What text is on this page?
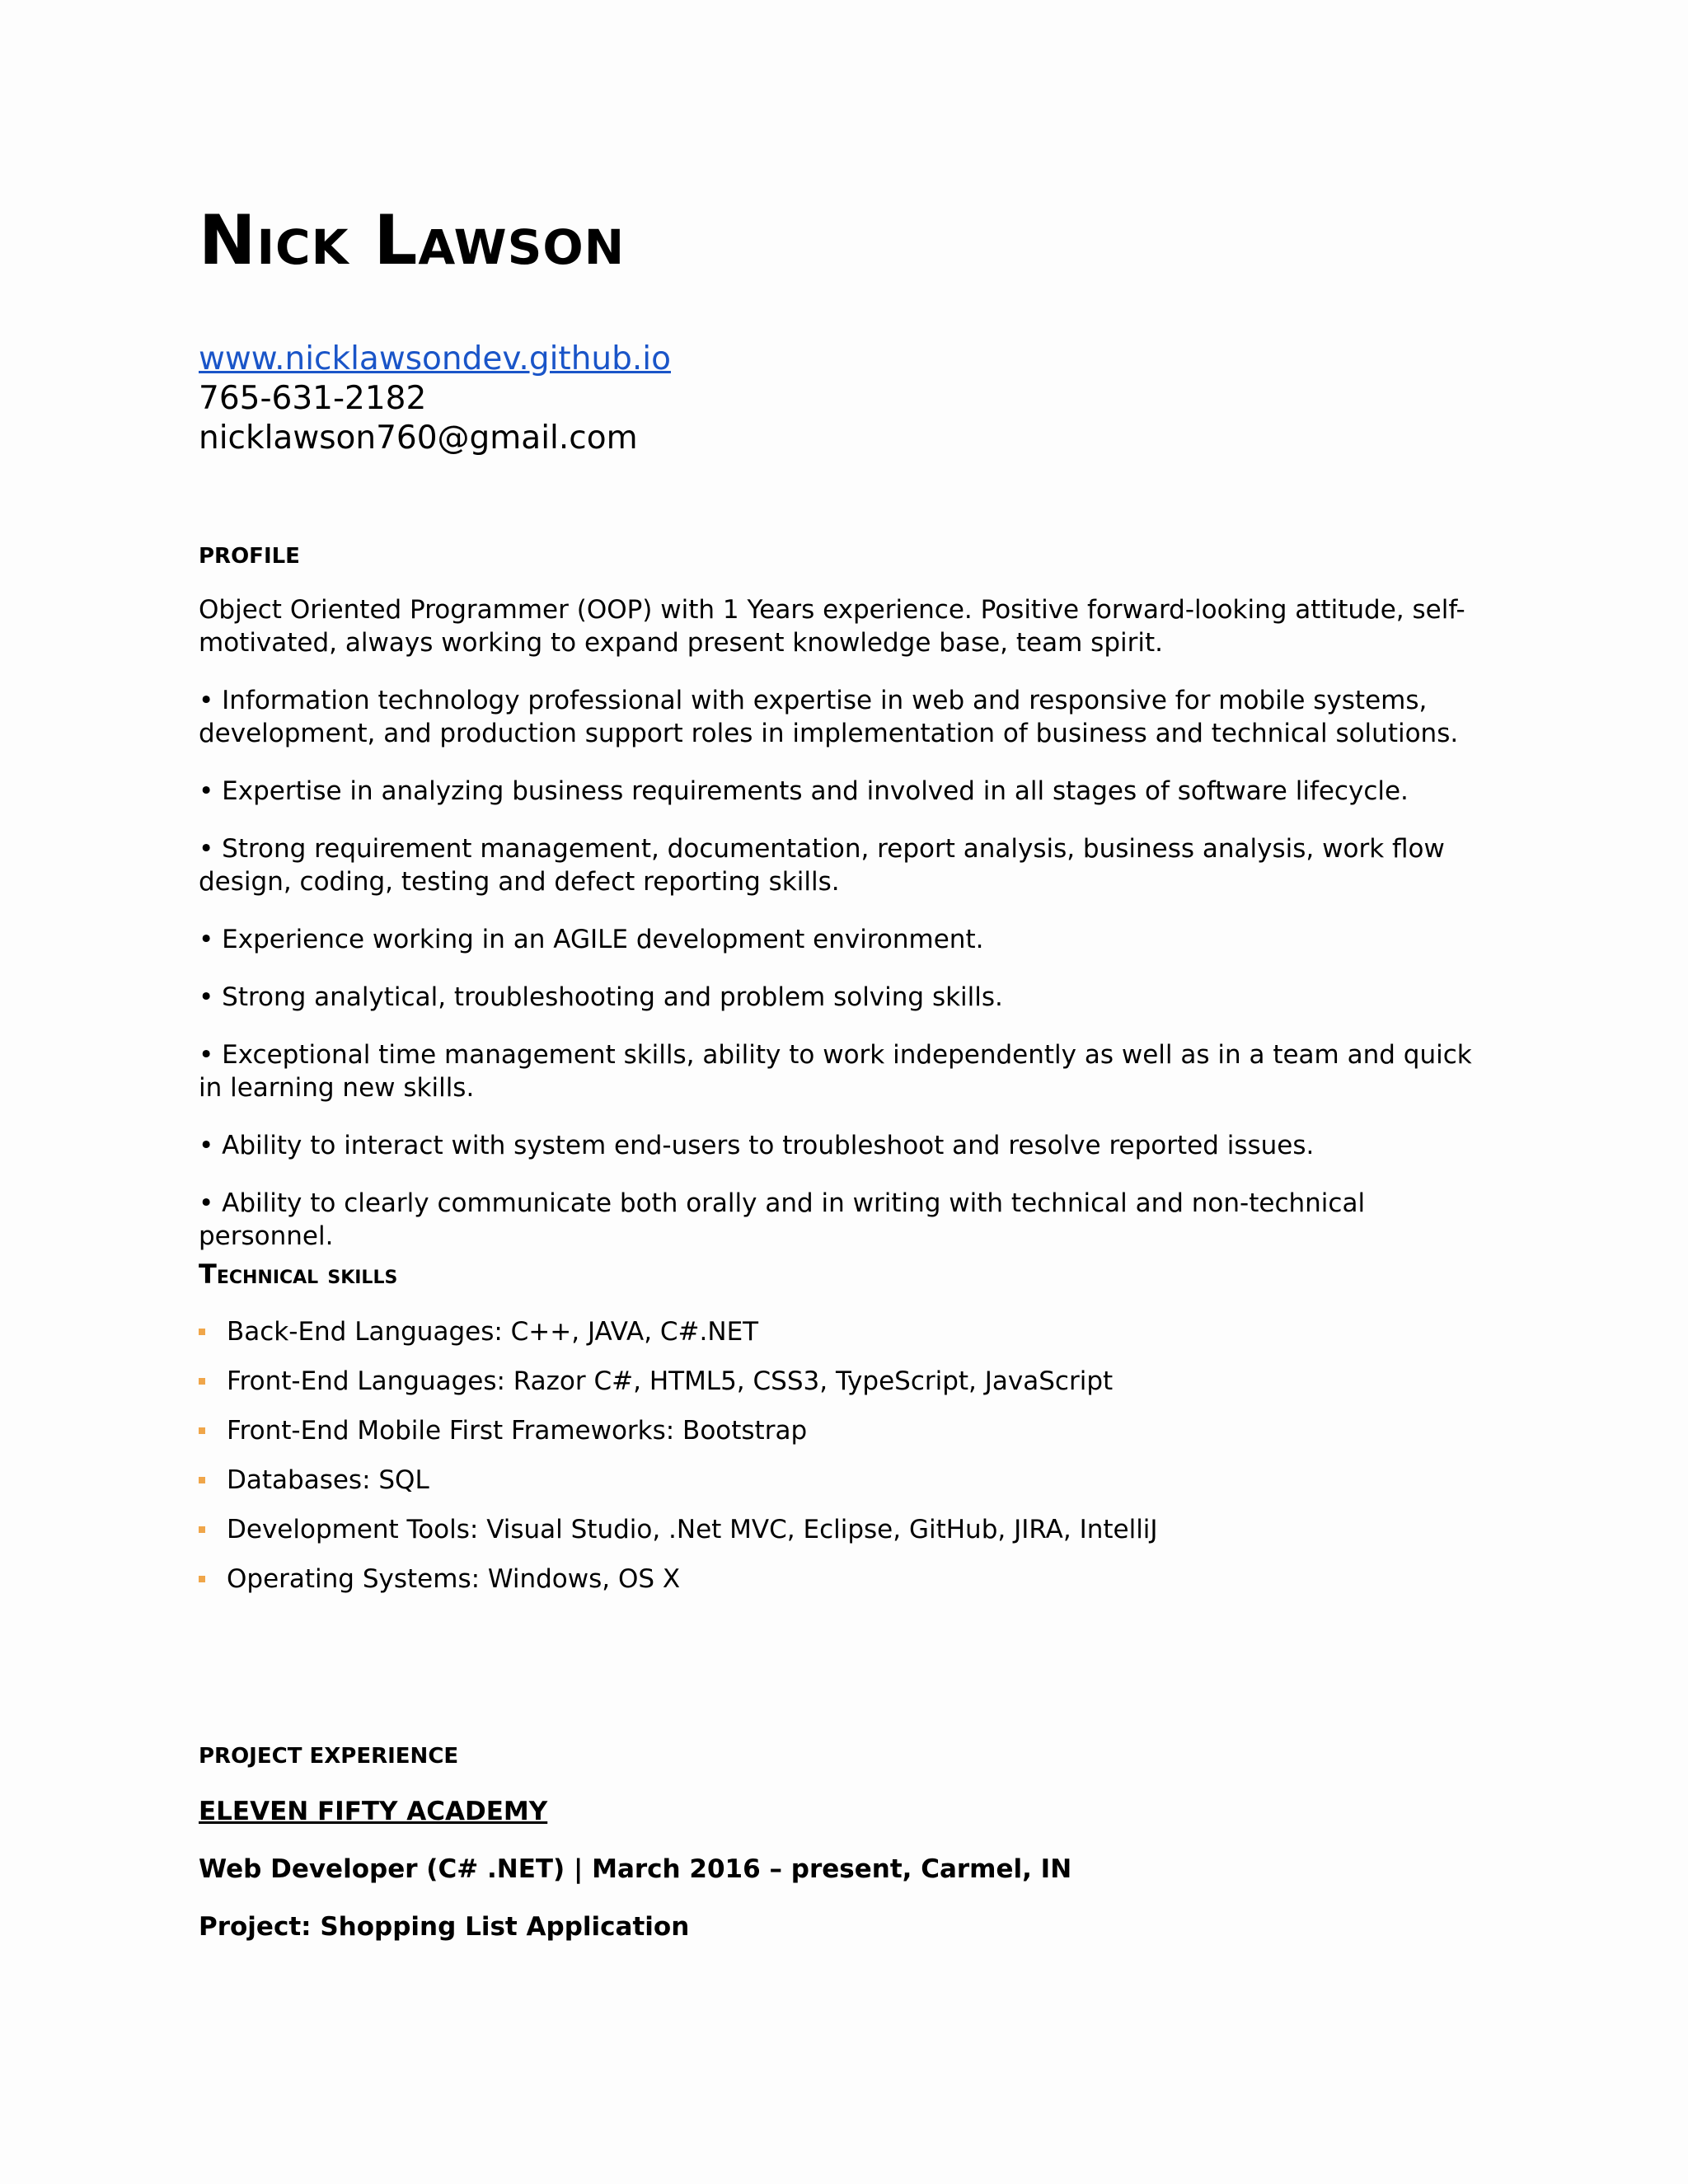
Nick Lawson
www.nicklawsondev.github.io
765-631-2182
nicklawson760@gmail.com
PROFILE

Object Oriented Programmer (OOP) with 1 Years experience. Positive forward-looking attitude, self-motivated, always working to expand present knowledge base, team spirit.

• Information technology professional with expertise in web and responsive for mobile systems, development, and production support roles in implementation of business and technical solutions.

• Expertise in analyzing business requirements and involved in all stages of software lifecycle.

• Strong requirement management, documentation, report analysis, business analysis, work flow design, coding, testing and defect reporting skills.

• Experience working in an AGILE development environment.

• Strong analytical, troubleshooting and problem solving skills.

• Exceptional time management skills, ability to work independently as well as in a team and quick in learning new skills.

• Ability to interact with system end-users to troubleshoot and resolve reported issues.

• Ability to clearly communicate both orally and in writing with technical and non-technical personnel.

Technical skills
Back-End Languages: C++, JAVA, C#.NET
Front-End Languages: Razor C#, HTML5, CSS3, TypeScript, JavaScript
Front-End Mobile First Frameworks: Bootstrap
Databases: SQL
Development Tools: Visual Studio, .Net MVC, Eclipse, GitHub, JIRA, IntelliJ
Operating Systems: Windows, OS X
PROJECT EXPERIENCE
ELEVEN FIFTY ACADEMY
Web Developer (C# .NET) | March 2016 – present, Carmel, IN
Project: Shopping List Application
